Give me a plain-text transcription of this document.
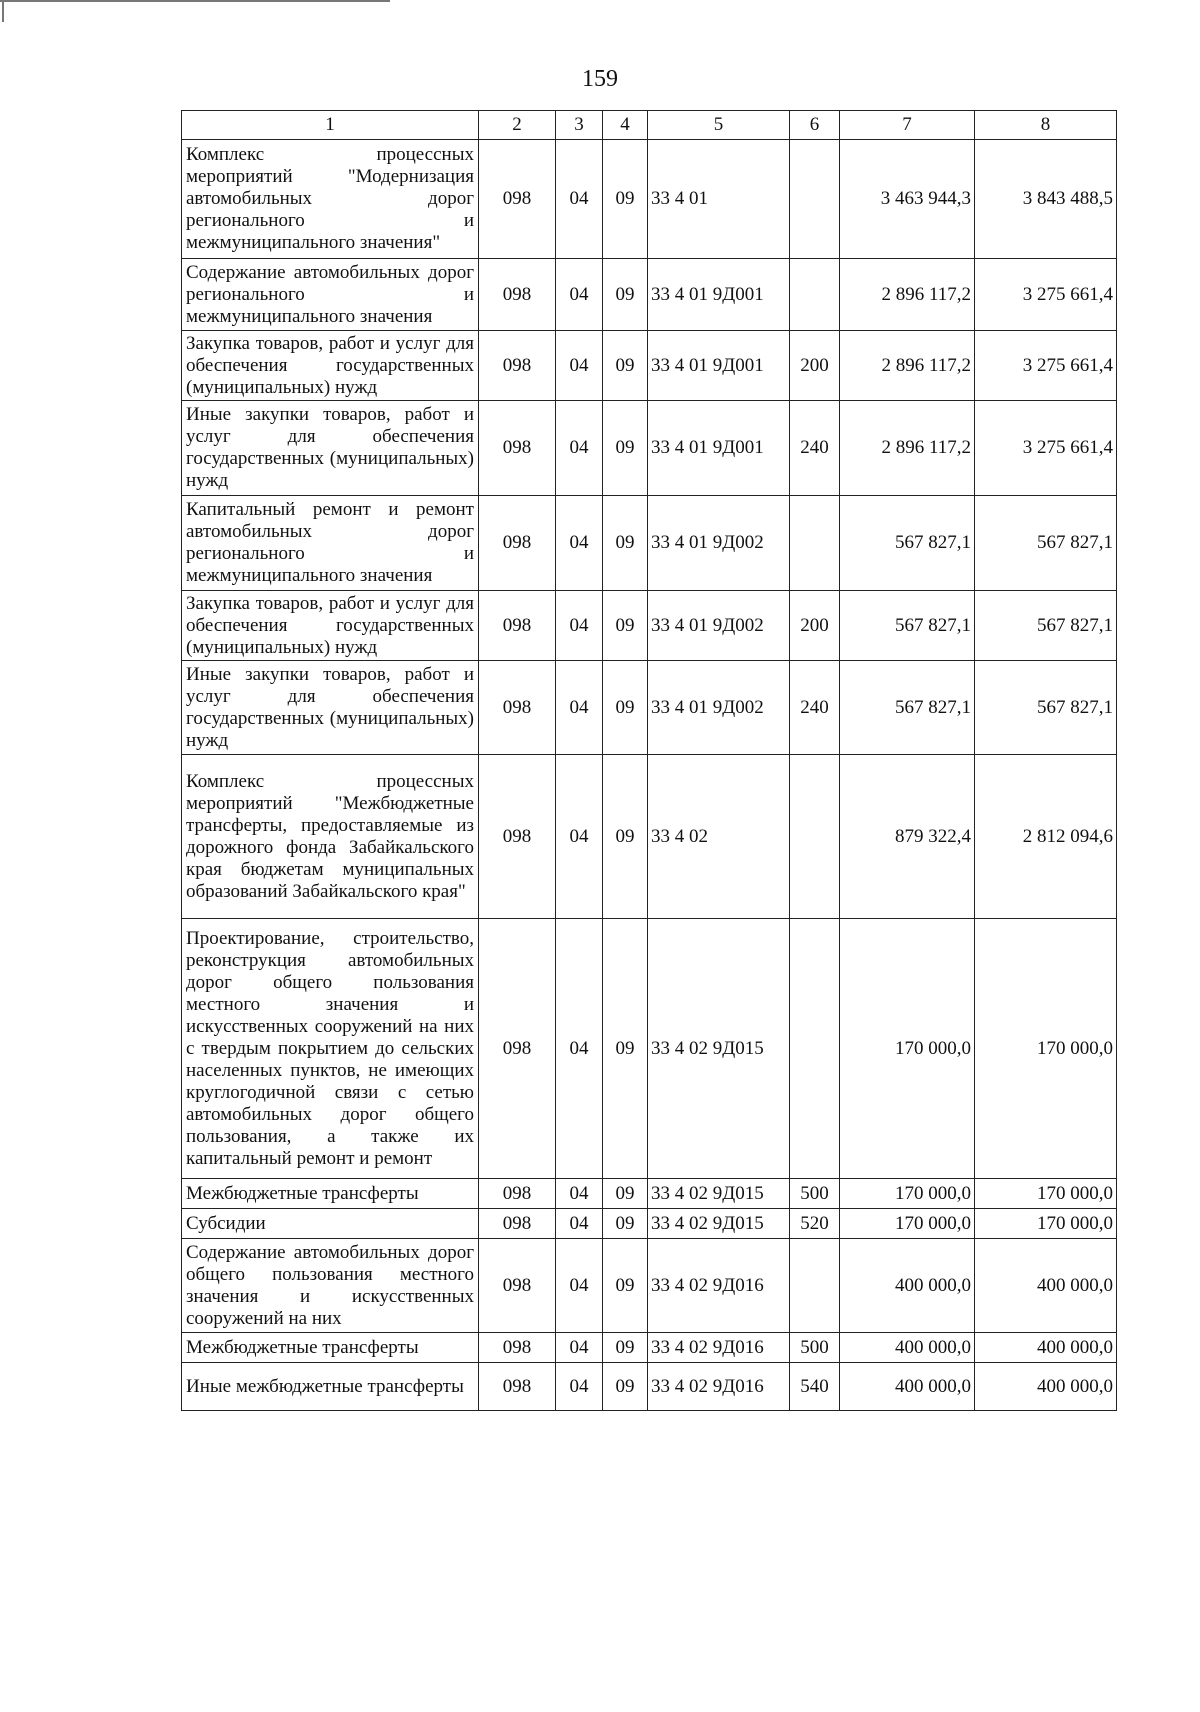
159
1	2	3	4	5	6	7	8
Комплекс процессных мероприятий "Модернизация автомобильных дорог регионального и межмуниципального значения"	098	04	09	33 4 01		3 463 944,3	3 843 488,5
Содержание автомобильных дорог регионального и межмуниципального значения	098	04	09	33 4 01 9Д001		2 896 117,2	3 275 661,4
Закупка товаров, работ и услуг для обеспечения государственных (муниципальных) нужд	098	04	09	33 4 01 9Д001	200	2 896 117,2	3 275 661,4
Иные закупки товаров, работ и услуг для обеспечения государственных (муниципальных) нужд	098	04	09	33 4 01 9Д001	240	2 896 117,2	3 275 661,4
Капитальный ремонт и ремонт автомобильных дорог регионального и межмуниципального значения	098	04	09	33 4 01 9Д002		567 827,1	567 827,1
Закупка товаров, работ и услуг для обеспечения государственных (муниципальных) нужд	098	04	09	33 4 01 9Д002	200	567 827,1	567 827,1
Иные закупки товаров, работ и услуг для обеспечения государственных (муниципальных) нужд	098	04	09	33 4 01 9Д002	240	567 827,1	567 827,1
Комплекс процессных мероприятий "Межбюджетные трансферты, предоставляемые из дорожного фонда Забайкальского края бюджетам муниципальных образований Забайкальского края"	098	04	09	33 4 02		879 322,4	2 812 094,6
Проектирование, строительство, реконструкция автомобильных дорог общего пользования местного значения и искусственных сооружений на них с твердым покрытием до сельских населенных пунктов, не имеющих круглогодичной связи с сетью автомобильных дорог общего пользования, а также их капитальный ремонт и ремонт	098	04	09	33 4 02 9Д015		170 000,0	170 000,0
Межбюджетные трансферты	098	04	09	33 4 02 9Д015	500	170 000,0	170 000,0
Субсидии	098	04	09	33 4 02 9Д015	520	170 000,0	170 000,0
Содержание автомобильных дорог общего пользования местного значения и искусственных сооружений на них	098	04	09	33 4 02 9Д016		400 000,0	400 000,0
Межбюджетные трансферты	098	04	09	33 4 02 9Д016	500	400 000,0	400 000,0
Иные межбюджетные трансферты	098	04	09	33 4 02 9Д016	540	400 000,0	400 000,0
